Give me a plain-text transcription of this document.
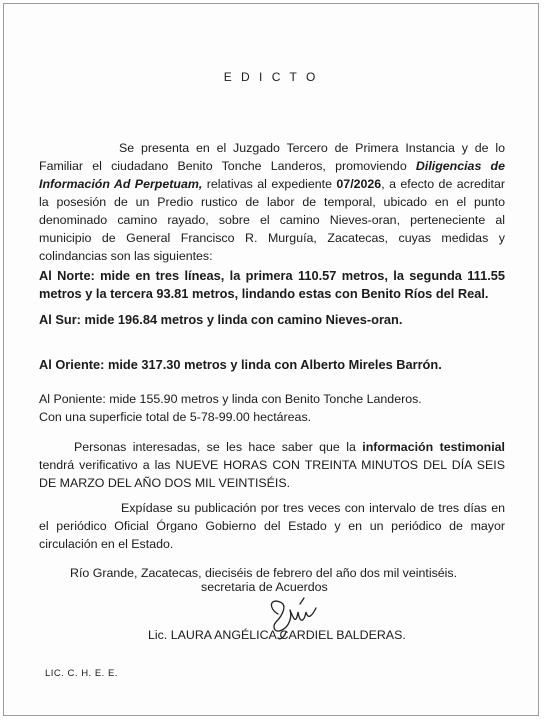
E D I C T O

Se presenta en el Juzgado Tercero de Primera Instancia y de lo Familiar el ciudadano Benito Tonche Landeros, promoviendo Diligencias de Información Ad Perpetuam, relativas al expediente 07/2026, a efecto de acreditar la posesión de un Predio rustico de labor de temporal, ubicado en el punto denominado camino rayado, sobre el camino Nieves-oran, perteneciente al municipio de General Francisco R. Murguía, Zacatecas, cuyas medidas y colindancias son las siguientes:

Al Norte: mide en tres líneas, la primera 110.57 metros, la segunda 111.55 metros y la tercera 93.81 metros, lindando estas con Benito Ríos del Real.

Al Sur: mide 196.84 metros y linda con camino Nieves-oran.

Al Oriente: mide 317.30 metros y linda con Alberto Mireles Barrón.

Al Poniente: mide 155.90 metros y linda con Benito Tonche Landeros.
Con una superficie total de 5-78-99.00 hectáreas.

Personas interesadas, se les hace saber que la información testimonial tendrá verificativo a las NUEVE HORAS CON TREINTA MINUTOS DEL DÍA SEIS DE MARZO DEL AÑO DOS MIL VEINTISÉIS.

Expídase su publicación por tres veces con intervalo de tres días en el periódico Oficial Órgano Gobierno del Estado y en un periódico de mayor circulación en el Estado.

Río Grande, Zacatecas, dieciséis de febrero del año dos mil veintiséis.
secretaria de Acuerdos
Lic. LAURA ANGÉLICA CARDIEL BALDERAS.
LIC. C. H. E. E.
